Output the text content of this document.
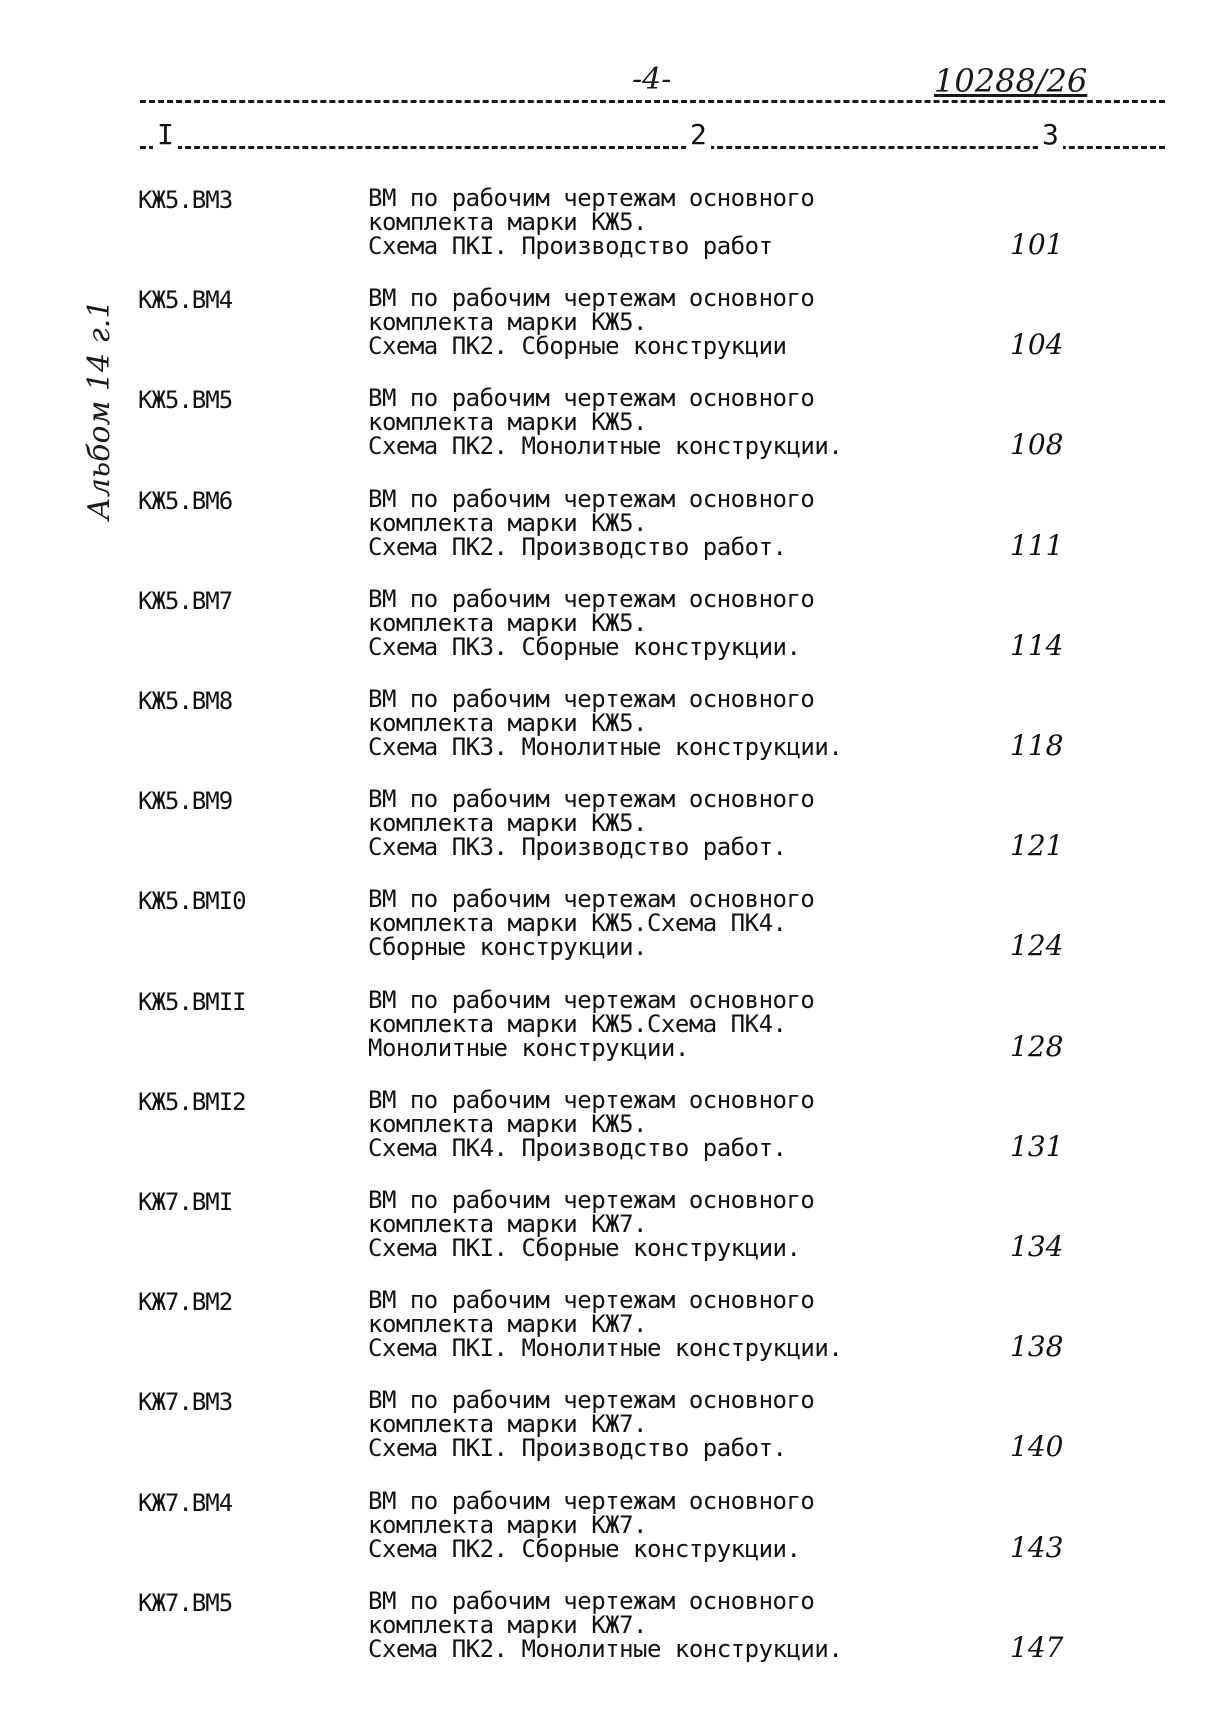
-4-	10288/26
I	2	3
Альбом 14 г.1
КЖ5.ВМ3	ВМ по рабочим чертежам основного
комплекта марки КЖ5.
Схема ПКI. Производство работ	101
КЖ5.ВМ4	ВМ по рабочим чертежам основного
комплекта марки КЖ5.
Схема ПК2. Сборные конструкции	104
КЖ5.ВМ5	ВМ по рабочим чертежам основного
комплекта марки КЖ5.
Схема ПК2. Монолитные конструкции.	108
КЖ5.ВМ6	ВМ по рабочим чертежам основного
комплекта марки КЖ5.
Схема ПК2. Производство работ.	111
КЖ5.ВМ7	ВМ по рабочим чертежам основного
комплекта марки КЖ5.
Схема ПК3. Сборные конструкции.	114
КЖ5.ВМ8	ВМ по рабочим чертежам основного
комплекта марки КЖ5.
Схема ПК3. Монолитные конструкции.	118
КЖ5.ВМ9	ВМ по рабочим чертежам основного
комплекта марки КЖ5.
Схема ПК3. Производство работ.	121
КЖ5.ВМI0	ВМ по рабочим чертежам основного
комплекта марки КЖ5.Схема ПК4.
Сборные конструкции.	124
КЖ5.ВМII	ВМ по рабочим чертежам основного
комплекта марки КЖ5.Схема ПК4.
Монолитные конструкции.	128
КЖ5.ВМI2	ВМ по рабочим чертежам основного
комплекта марки КЖ5.
Схема ПК4. Производство работ.	131
КЖ7.ВМI	ВМ по рабочим чертежам основного
комплекта марки КЖ7.
Схема ПКI. Сборные конструкции.	134
КЖ7.ВМ2	ВМ по рабочим чертежам основного
комплекта марки КЖ7.
Схема ПКI. Монолитные конструкции.	138
КЖ7.ВМ3	ВМ по рабочим чертежам основного
комплекта марки КЖ7.
Схема ПКI. Производство работ.	140
КЖ7.ВМ4	ВМ по рабочим чертежам основного
комплекта марки КЖ7.
Схема ПК2. Сборные конструкции.	143
КЖ7.ВМ5	ВМ по рабочим чертежам основного
комплекта марки КЖ7.
Схема ПК2. Монолитные конструкции.	147
